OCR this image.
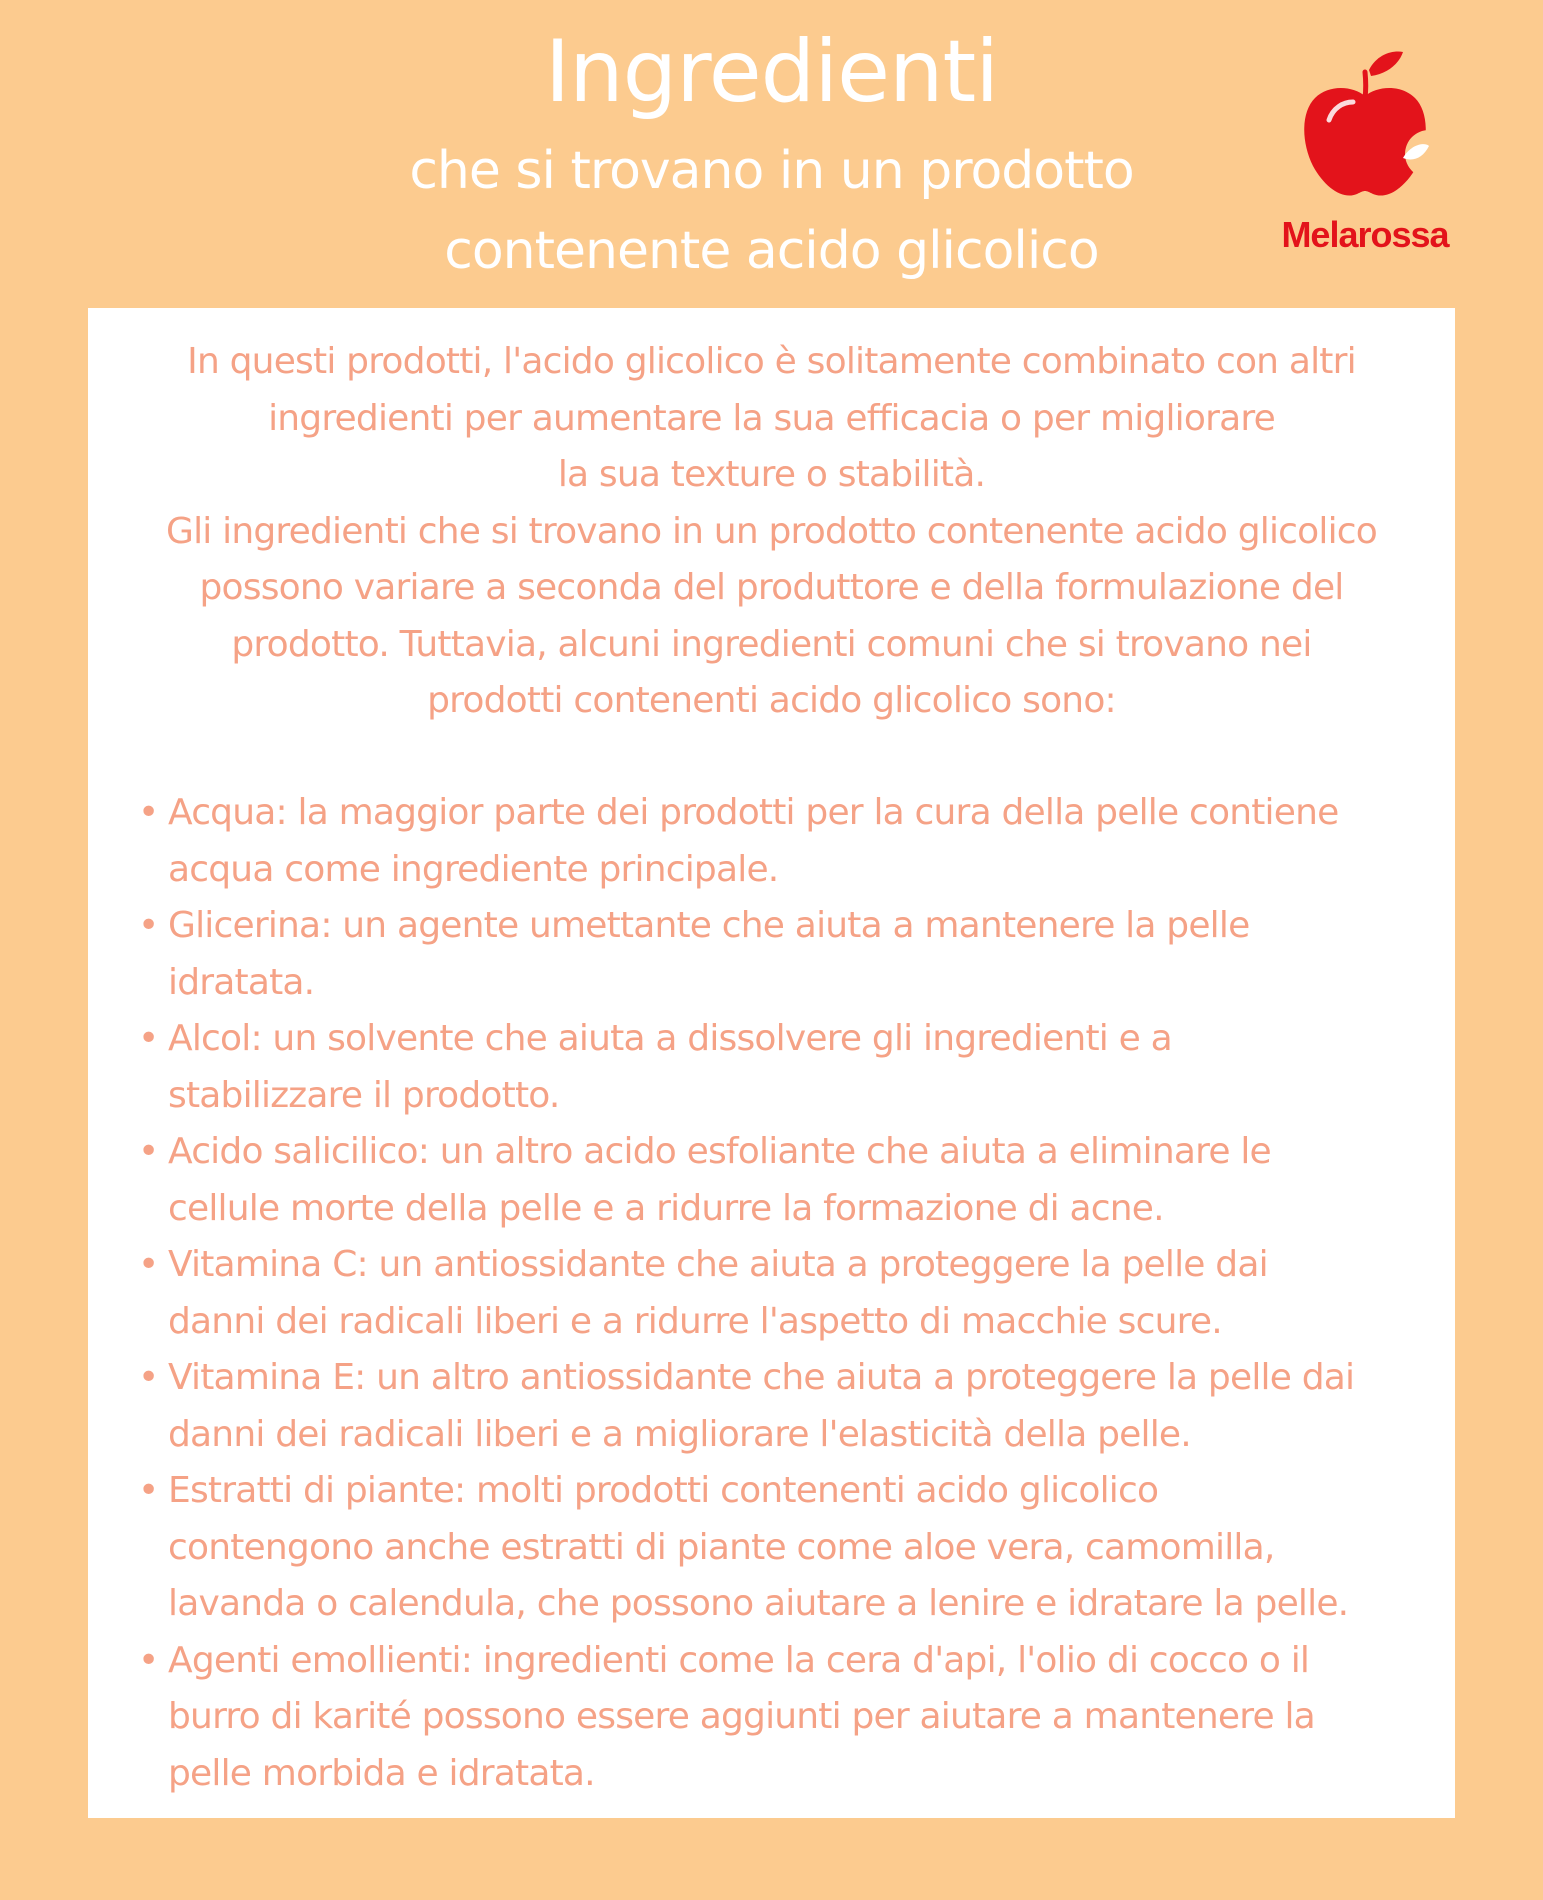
Ingredienti
che si trovano in un prodotto
contenente acido glicolico	Melarossa

In questi prodotti, l'acido glicolico è solitamente combinato con altri

ingredienti per aumentare la sua efficacia o per migliorare

la sua texture o stabilità.

Gli ingredienti che si trovano in un prodotto contenente acido glicolico

possono variare a seconda del produttore e della formulazione del

prodotto. Tuttavia, alcuni ingredienti comuni che si trovano nei

prodotti contenenti acido glicolico sono:

• Acqua: la maggior parte dei prodotti per la cura della pelle contiene
acqua come ingrediente principale.
• Glicerina: un agente umettante che aiuta a mantenere la pelle
idratata.
• Alcol: un solvente che aiuta a dissolvere gli ingredienti e a
stabilizzare il prodotto.
• Acido salicilico: un altro acido esfoliante che aiuta a eliminare le
cellule morte della pelle e a ridurre la formazione di acne.
• Vitamina C: un antiossidante che aiuta a proteggere la pelle dai
danni dei radicali liberi e a ridurre l'aspetto di macchie scure.
• Vitamina E: un altro antiossidante che aiuta a proteggere la pelle dai
danni dei radicali liberi e a migliorare l'elasticità della pelle.
• Estratti di piante: molti prodotti contenenti acido glicolico
contengono anche estratti di piante come aloe vera, camomilla,
lavanda o calendula, che possono aiutare a lenire e idratare la pelle.
• Agenti emollienti: ingredienti come la cera d'api, l'olio di cocco o il
burro di karité possono essere aggiunti per aiutare a mantenere la
pelle morbida e idratata.
